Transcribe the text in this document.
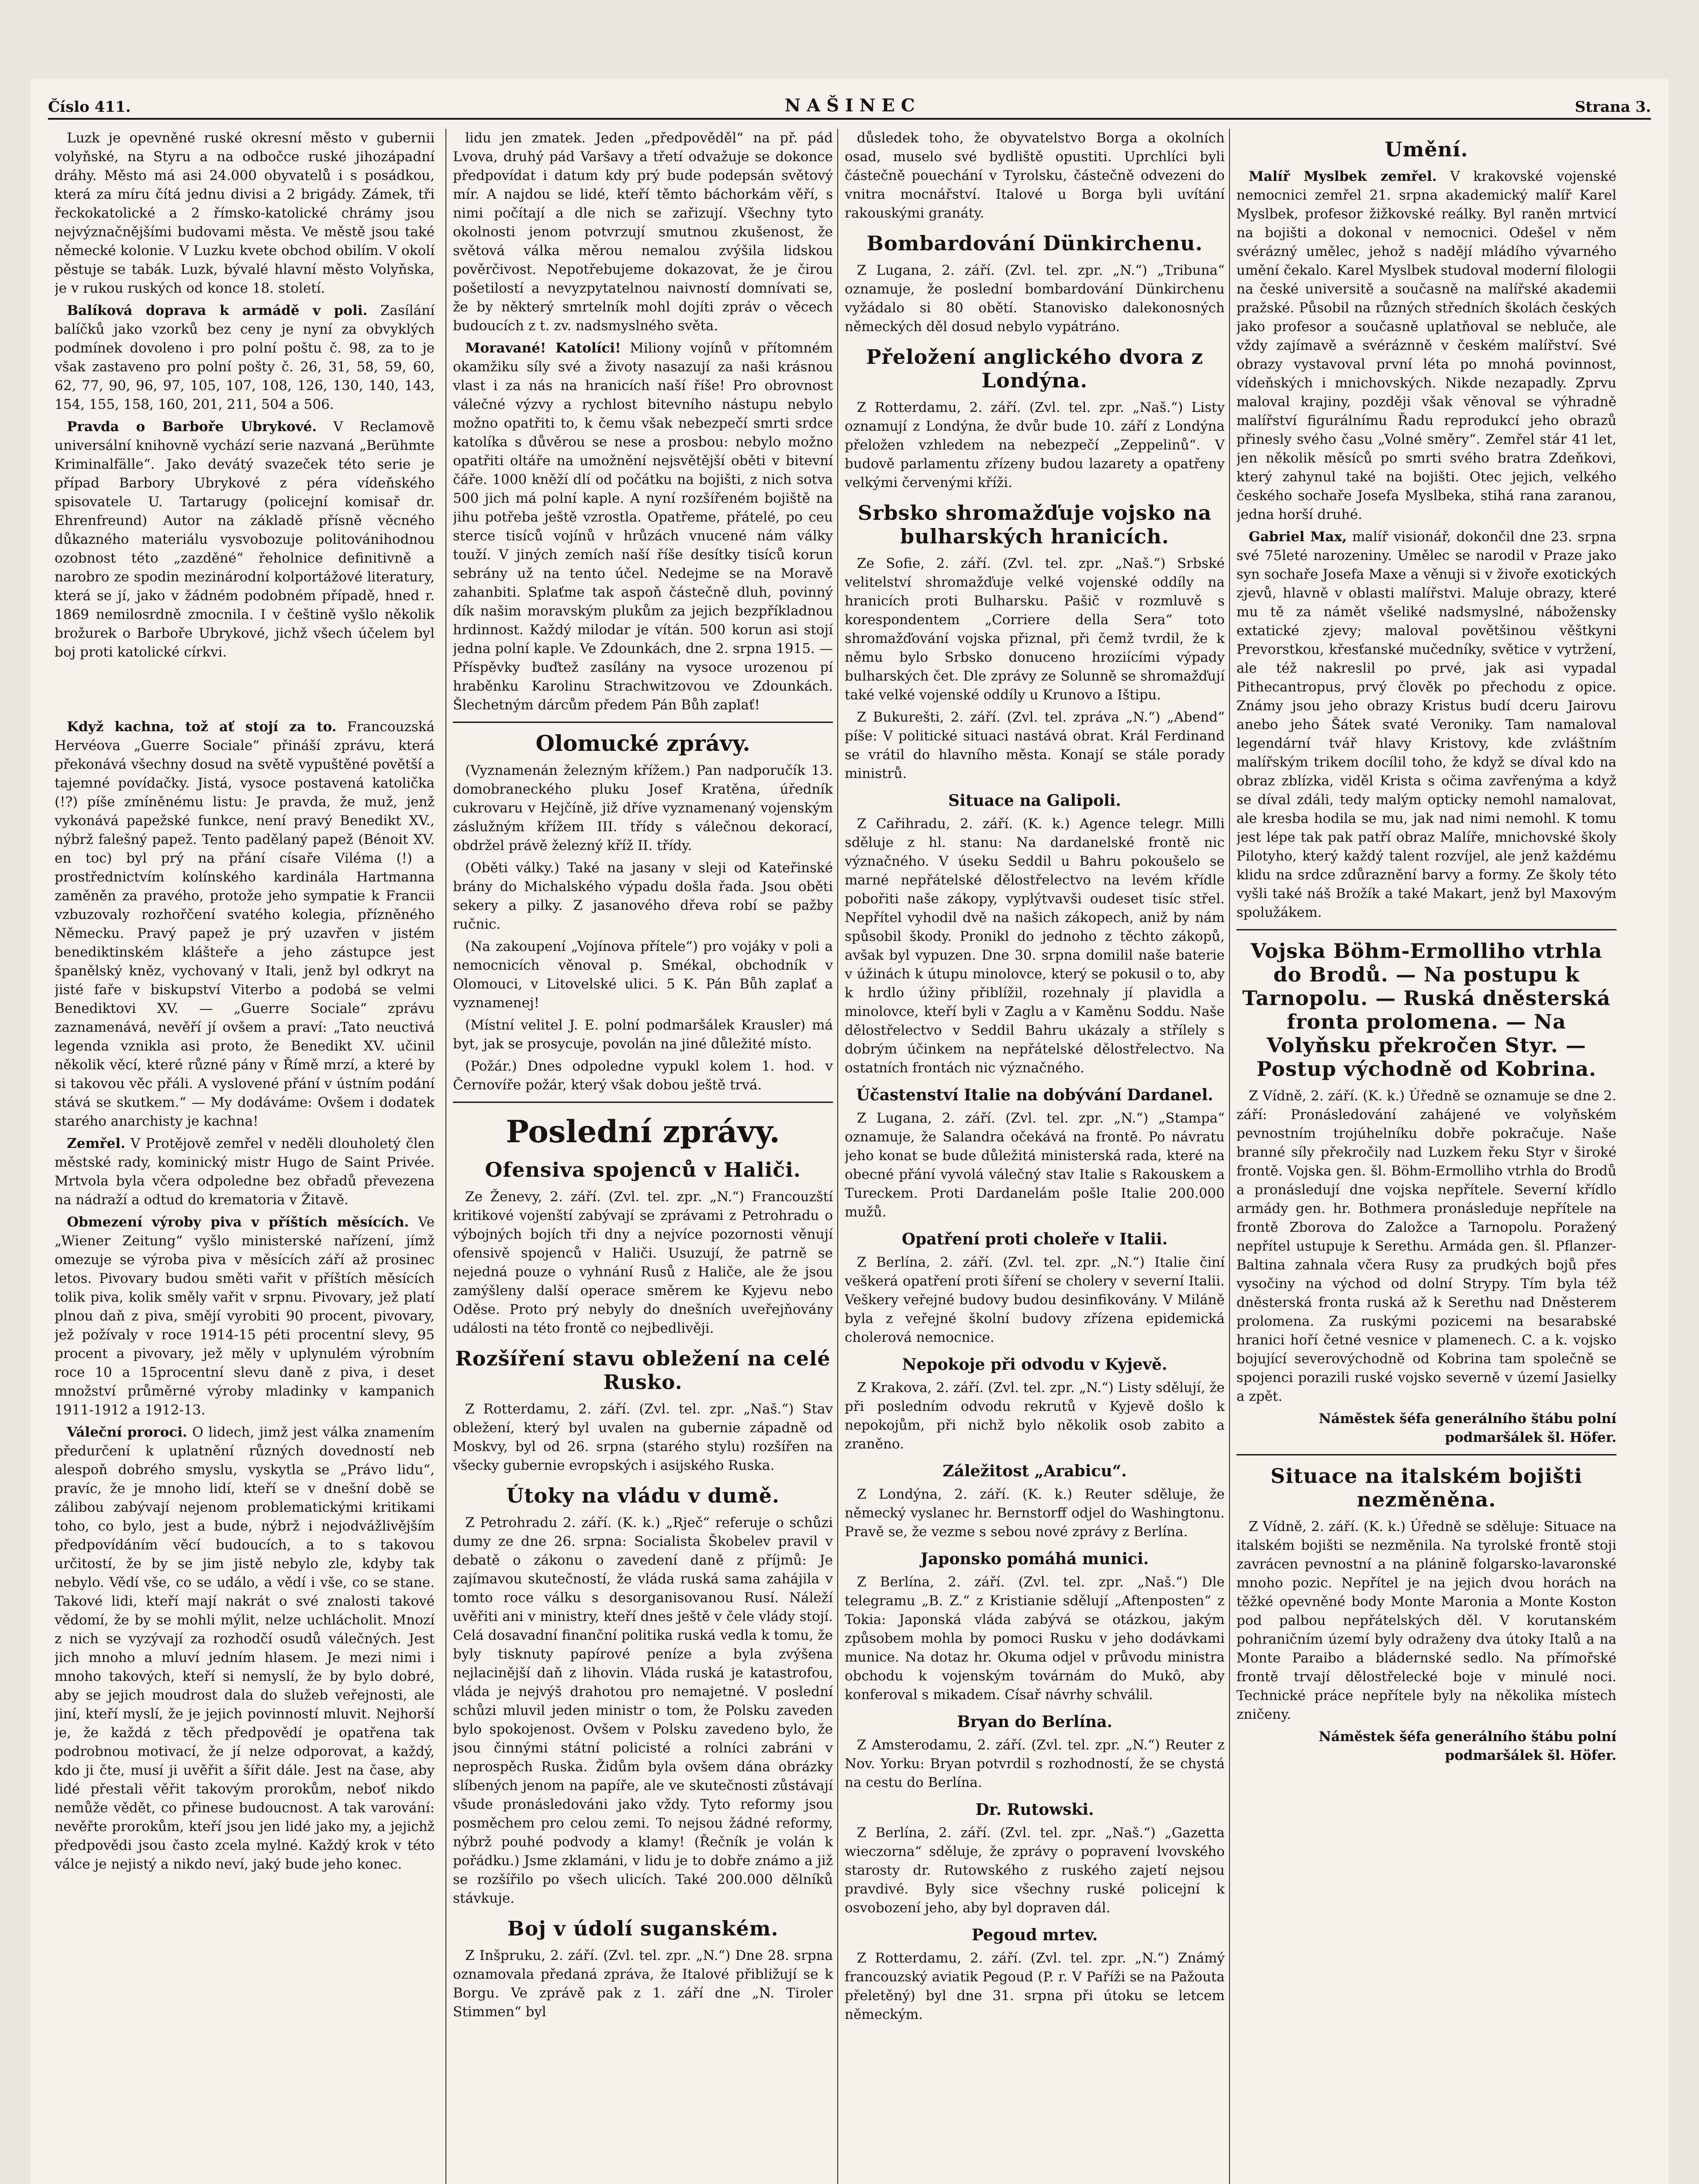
Číslo 411.	NAŠINEC	Strana 3.

Luzk je opevněné ruské okresní město v gubernii volyňské, na Styru a na odbočce ruské jihozápadní dráhy. Město má asi 24.000 obyvatelů i s posádkou, která za míru čítá jednu divisi a 2 brigády. Zámek, tři řeckokatolické a 2 římsko-katolické chrámy jsou nejvýznačnějšími budovami města. Ve městě jsou také německé kolonie. V Luzku kvete obchod obilím. V okolí pěstuje se tabák. Luzk, bývalé hlavní město Volyňska, je v rukou ruských od konce 18. století.

Balíková doprava k armádě v poli. Zasílání balíčků jako vzorků bez ceny je nyní za obvyklých podmínek dovoleno i pro polní poštu č. 98, za to je však zastaveno pro polní pošty č. 26, 31, 58, 59, 60, 62, 77, 90, 96, 97, 105, 107, 108, 126, 130, 140, 143, 154, 155, 158, 160, 201, 211, 504 a 506.

Pravda o Barboře Ubrykové. V Reclamově universální knihovně vychází serie nazvaná „Berühmte Kriminalfälle“. Jako devátý svazeček této serie je případ Barbory Ubrykové z péra vídeňského spisovatele U. Tartarugy (policejní komisař dr. Ehrenfreund) Autor na základě přísně věcného důkazného materiálu vysvobozuje politovánihodnou ozobnost této „zazděné“ řeholnice definitivně a narobro ze spodin mezinárodní kolportážové literatury, která se jí, jako v žádném podobném případě, hned r. 1869 nemilosrdně zmocnila. I v češtině vyšlo několik brožurek o Barboře Ubrykové, jichž všech účelem byl boj proti katolické církvi.

Když kachna, tož ať stojí za to. Francouzská Hervéova „Guerre Sociale“ přináší zprávu, která překonává všechny dosud na světě vypuštěné povětší a tajemné povídačky. Jistá, vysoce postavená katolička (!?) píše zmíněnému listu: Je pravda, že muž, jenž vykonává papežské funkce, není pravý Benedikt XV., nýbrž falešný papež. Tento padělaný papež (Bénoit XV. en toc) byl prý na přání císaře Viléma (!) a prostřednictvím kolínského kardinála Hartmanna zaměněn za pravého, protože jeho sympatie k Francii vzbuzovaly rozhořčení svatého kolegia, přízněného Německu. Pravý papež je prý uzavřen v jistém benediktinském klášteře a jeho zástupce jest španělský kněz, vychovaný v Itali, jenž byl odkryt na jisté faře v biskupství Viterbo a podobá se velmi Benediktovi XV. — „Guerre Sociale“ zprávu zaznamenává, nevěří jí ovšem a praví: „Tato neuctivá legenda vznikla asi proto, že Benedikt XV. učinil několik věcí, které různé pány v Římě mrzí, a které by si takovou věc přáli. A vyslovené přání v ústním podání stává se skutkem.“ — My dodáváme: Ovšem i dodatek starého anarchisty je kachna!

Zemřel. V Protějově zemřel v neděli dlouholetý člen městské rady, kominický mistr Hugo de Saint Privée. Mrtvola byla včera odpoledne bez obřadů převezena na nádraží a odtud do krematoria v Žitavě.

Obmezení výroby piva v příštích měsících. Ve „Wiener Zeitung“ vyšlo ministerské nařízení, jímž omezuje se výroba piva v měsících září až prosinec letos. Pivovary budou směti vařit v příštích měsících tolik piva, kolik směly vařit v srpnu. Pivovary, jež platí plnou daň z piva, smějí vyrobiti 90 procent, pivovary, jež požívaly v roce 1914-15 péti procentní slevy, 95 procent a pivovary, jež měly v uplynulém výrobním roce 10 a 15procentní slevu daně z piva, i deset množství průměrné výroby mladinky v kampanich 1911-1912 a 1912-13.

Váleční proroci. O lidech, jimž jest válka znamením předurčení k uplatnění různých dovedností neb alespoň dobrého smyslu, vyskytla se „Právo lidu“, pravíc, že je mnoho lidí, kteří se v dnešní době se zálibou zabývají nejenom problematickými kritikami toho, co bylo, jest a bude, nýbrž i nejodvážlivějším předpovídáním věcí budoucích, a to s takovou určitostí, že by se jim jistě nebylo zle, kdyby tak nebylo. Vědí vše, co se událo, a vědí i vše, co se stane. Takové lidi, kteří mají nakrát o své znalosti takové vědomí, že by se mohli mýlit, nelze uchlácholit. Mnozí z nich se vyzývají za rozhodčí osudů válečných. Jest jich mnoho a mluví jedním hlasem. Je mezi nimi i mnoho takových, kteří si nemyslí, že by bylo dobré, aby se jejich moudrost dala do služeb veřejnosti, ale jiní, kteří myslí, že je jejich povinností mluvit. Nejhorší je, že každá z těch předpovědí je opatřena tak podrobnou motivací, že jí nelze odporovat, a každý, kdo ji čte, musí ji uvěřit a šířit dále. Jest na čase, aby lidé přestali věřit takovým prorokům, neboť nikdo nemůže vědět, co přinese budoucnost. A tak varování: nevěřte prorokům, kteří jsou jen lidé jako my, a jejichž předpovědi jsou často zcela mylné. Každý krok v této válce je nejistý a nikdo neví, jaký bude jeho konec.

lidu jen zmatek. Jeden „předpověděl“ na př. pád Lvova, druhý pád Varšavy a třetí odvažuje se dokonce předpovídat i datum kdy prý bude podepsán světový mír. A najdou se lidé, kteří těmto báchorkám věří, s nimi počítají a dle nich se zařizují. Všechny tyto okolnosti jenom potvrzují smutnou zkušenost, že světová válka měrou nemalou zvýšila lidskou pověrčivost. Nepotřebujeme dokazovat, že je čirou pošetilostí a nevyzpytatelnou naivností domnívati se, že by některý smrtelník mohl dojíti zpráv o věcech budoucích z t. zv. nadsmyslného světa.

Moravané! Katolíci! Miliony vojínů v přítomném okamžiku síly své a životy nasazují za naši krásnou vlast i za nás na hranicích naší říše! Pro obrovnost válečné výzvy a rychlost bitevního nástupu nebylo možno opatřiti to, k čemu však nebezpečí smrti srdce katolíka s důvěrou se nese a prosbou: nebylo možno opatřiti oltáře na umožnění nejsvětější oběti v bitevní čáře. 1000 kněží dlí od počátku na bojišti, z nich sotva 500 jich má polní kaple. A nyní rozšířeném bojiště na jihu potřeba ještě vzrostla. Opatřeme, přátelé, po ceu sterce tisíců vojínů v hrůzách vnucené nám války touží. V jiných zemích naší říše desítky tisíců korun sebrány už na tento účel. Nedejme se na Moravě zahanbiti. Splaťme tak aspoň částečně dluh, povinný dík našim moravským plukům za jejich bezpříkladnou hrdinnost. Každý milodar je vítán. 500 korun asi stojí jedna polní kaple. Ve Zdounkách, dne 2. srpna 1915. — Příspěvky buďtež zasílány na vysoce urozenou pí hraběnku Karolinu Strachwitzovou ve Zdounkách. Šlechetným dárcům předem Pán Bůh zaplať!

Olomucké zprávy.

(Vyznamenán železným křížem.) Pan nadporučík 13. domobraneckého pluku Josef Kratěna, úředník cukrovaru v Hejčíně, již dříve vyznamenaný vojenským záslužným křížem III. třídy s válečnou dekorací, obdržel právě železný kříž II. třídy.

(Oběti války.) Také na jasany v sleji od Kateřinské brány do Michalského výpadu došla řada. Jsou oběti sekery a pilky. Z jasanového dřeva robí se pažby ručnic.

(Na zakoupení „Vojínova přítele“) pro vojáky v poli a nemocnicích věnoval p. Smékal, obchodník v Olomouci, v Litovelské ulici. 5 K. Pán Bůh zaplať a vyznamenej!

(Místní velitel J. E. polní podmaršálek Krausler) má byt, jak se prosycuje, povolán na jiné důležité místo.

(Požár.) Dnes odpoledne vypukl kolem 1. hod. v Černovíře požár, který však dobou ještě trvá.

Poslední zprávy.
Ofensiva spojenců v Haliči.

Ze Ženevy, 2. září. (Zvl. tel. zpr. „N.“) Francouzští kritikové vojenští zabývají se zprávami z Petrohradu o výbojných bojích tři dny a nejvíce pozornosti věnují ofensivě spojenců v Haliči. Usuzují, že patrně se nejedná pouze o vyhnání Rusů z Haliče, ale že jsou zamýšleny další operace směrem ke Kyjevu nebo Oděse. Proto prý nebyly do dnešních uveřejňovány události na této frontě co nejbedlivěji.

Rozšíření stavu obležení na celé Rusko.

Z Rotterdamu, 2. září. (Zvl. tel. zpr. „Naš.“) Stav obležení, který byl uvalen na gubernie západně od Moskvy, byl od 26. srpna (starého stylu) rozšířen na všecky gubernie evropských i asijského Ruska.

Útoky na vládu v dumě.

Z Petrohradu 2. září. (K. k.) „Rječ“ referuje o schůzi dumy ze dne 26. srpna: Socialista Škobelev pravil v debatě o zákonu o zavedení daně z příjmů: Je zajímavou skutečností, že vláda ruská sama zahájila v tomto roce válku s desorganisovanou Rusí. Náleží uvěřiti ani v ministry, kteří dnes ještě v čele vlády stojí. Celá dosavadní finanční politika ruská vedla k tomu, že byly tisknuty papírové peníze a byla zvýšena nejlacinější daň z lihovin. Vláda ruská je katastrofou, vláda je nejvýš drahotou pro nemajetné. V poslední schůzi mluvil jeden ministr o tom, že Polsku zaveden bylo spokojenost. Ovšem v Polsku zavedeno bylo, že jsou činnými státní policisté a rolníci zabráni v neprospěch Ruska. Židům byla ovšem dána obrázky slíbených jenom na papíře, ale ve skutečnosti zůstávají všude pronásledováni jako vždy. Tyto reformy jsou posměchem pro celou zemi. To nejsou žádné reformy, nýbrž pouhé podvody a klamy! (Řečník je volán k pořádku.) Jsme zklamáni, v lidu je to dobře známo a již se rozšířilo po všech ulicích. Také 200.000 dělníků stávkuje.

Boj v údolí suganském.

Z Inšpruku, 2. září. (Zvl. tel. zpr. „N.“) Dne 28. srpna oznamovala předaná zpráva, že Italové přibližují se k Borgu. Ve zprávě pak z 1. září dne „N. Tiroler Stimmen“ byl

důsledek toho, že obyvatelstvo Borga a okolních osad, muselo své bydliště opustiti. Uprchlíci byli částečně pouechání v Tyrolsku, částečně odvezeni do vnitra mocnářství. Italové u Borga byli uvítání rakouskými granáty.

Bombardování Dünkirchenu.

Z Lugana, 2. září. (Zvl. tel. zpr. „N.“) „Tribuna“ oznamuje, že poslední bombardování Dünkirchenu vyžádalo si 80 obětí. Stanovisko dalekonosných německých děl dosud nebylo vypátráno.

Přeložení anglického dvora z Londýna.

Z Rotterdamu, 2. září. (Zvl. tel. zpr. „Naš.“) Listy oznamují z Londýna, že dvůr bude 10. září z Londýna přeložen vzhledem na nebezpečí „Zeppelinů“. V budově parlamentu zřízeny budou lazarety a opatřeny velkými červenými kříži.

Srbsko shromažďuje vojsko na bulharských hranicích.

Ze Sofie, 2. září. (Zvl. tel. zpr. „Naš.“) Srbské velitelství shromažďuje velké vojenské oddíly na hranicích proti Bulharsku. Pašič v rozmluvě s korespondentem „Corriere della Sera“ toto shromažďování vojska přiznal, při čemž tvrdil, že k němu bylo Srbsko donuceno hroziícími výpady bulharských čet. Dle zprávy ze Solunně se shromažďují také velké vojenské oddíly u Krunovo a Ištipu.

Z Bukurešti, 2. září. (Zvl. tel. zpráva „N.“) „Abend“ píše: V politické situaci nastává obrat. Král Ferdinand se vrátil do hlavního města. Konají se stále porady ministrů.

Situace na Galipoli.

Z Cařihradu, 2. září. (K. k.) Agence telegr. Milli sděluje z hl. stanu: Na dardanelské frontě nic význačného. V úseku Seddil u Bahru pokoušelo se marné nepřátelské dělostřelectvo na levém křídle pobořiti naše zákopy, vyplýtvavši oudeset tisíc střel. Nepřítel vyhodil dvě na našich zákopech, aniž by nám spůsobil škody. Pronikl do jednoho z těchto zákopů, avšak byl vypuzen. Dne 30. srpna domilil naše baterie v úžinách k útupu minolovce, který se pokusil o to, aby k hrdlo úžiny přiblížil, rozehnaly jí plavidla a minolovce, kteří byli v Zaglu a v Kaměnu Soddu. Naše dělostřelectvo v Seddil Bahru ukázaly a střílely s dobrým účinkem na nepřátelské dělostřelectvo. Na ostatních frontách nic význačného.

Účastenství Italie na dobývání Dardanel.

Z Lugana, 2. září. (Zvl. tel. zpr. „N.“) „Stampa“ oznamuje, že Salandra očekává na frontě. Po návratu jeho konat se bude důležitá ministerská rada, které na obecné přání vyvolá válečný stav Italie s Rakouskem a Tureckem. Proti Dardanelám pošle Italie 200.000 mužů.

Opatření proti choleře v Italii.

Z Berlína, 2. září. (Zvl. tel. zpr. „N.“) Italie činí veškerá opatření proti šíření se cholery v severní Italii. Veškery veřejné budovy budou desinfikovány. V Miláně byla z veřejné školní budovy zřízena epidemická cholerová nemocnice.

Nepokoje při odvodu v Kyjevě.

Z Krakova, 2. září. (Zvl. tel. zpr. „N.“) Listy sdělují, že při posledním odvodu rekrutů v Kyjevě došlo k nepokojům, při nichž bylo několik osob zabito a zraněno.

Záležitost „Arabicu“.

Z Londýna, 2. září. (K. k.) Reuter sděluje, že německý vyslanec hr. Bernstorff odjel do Washingtonu. Pravě se, že vezme s sebou nové zprávy z Berlína.

Japonsko pomáhá munici.

Z Berlína, 2. září. (Zvl. tel. zpr. „Naš.“) Dle telegramu „B. Z.“ z Kristianie sdělují „Aftenposten“ z Tokia: Japonská vláda zabývá se otázkou, jakým způsobem mohla by pomoci Rusku v jeho dodávkami munice. Na dotaz hr. Okuma odjel v průvodu ministra obchodu k vojenským továrnám do Mukô, aby konferoval s mikadem. Císař návrhy schválil.

Bryan do Berlína.

Z Amsterodamu, 2. září. (Zvl. tel. zpr. „N.“) Reuter z Nov. Yorku: Bryan potvrdil s rozhodností, že se chystá na cestu do Berlína.

Dr. Rutowski.

Z Berlína, 2. září. (Zvl. tel. zpr. „Naš.“) „Gazetta wieczorna“ sděluje, že zprávy o popravení lvovského starosty dr. Rutowského z ruského zajetí nejsou pravdivé. Byly sice všechny ruské policejní k osvobození jeho, aby byl dopraven dál.

Pegoud mrtev.

Z Rotterdamu, 2. září. (Zvl. tel. zpr. „N.“) Známý francouzský aviatik Pegoud (P. r. V Paříži se na Pažouta přeletěný) byl dne 31. srpna při útoku se letcem německým.

Umění.

Malíř Myslbek zemřel. V krakovské vojenské nemocnici zemřel 21. srpna akademický malíř Karel Myslbek, profesor žižkovské reálky. Byl raněn mrtvicí na bojišti a dokonal v nemocnici. Odešel v něm svérázný umělec, jehož s nadějí mládího vývarného umění čekalo. Karel Myslbek studoval moderní filologii na české universitě a současně na malířské akademii pražské. Působil na různých středních školách českých jako profesor a současně uplatňoval se nebluče, ale vždy zajímavě a svéráznně v českém malířství. Své obrazy vystavoval první léta po mnohá povinnost, vídeňských i mnichovských. Nikde nezapadly. Zprvu maloval krajiny, později však věnoval se výhradně malířství figurálnímu Řadu reprodukcí jeho obrazů přinesly svého času „Volné směry“. Zemřel stár 41 let, jen několik měsíců po smrti svého bratra Zdeňkovi, který zahynul také na bojišti. Otec jejich, velkého českého sochaře Josefa Myslbeka, stihá rana zaranou, jedna horší druhé.

Gabriel Max, malíř visionář, dokončil dne 23. srpna své 75leté narozeniny. Umělec se narodil v Praze jako syn sochaře Josefa Maxe a věnuji si v živoře exotických zjevů, hlavně v oblasti malířstvi. Maluje obrazy, které mu tě za námět všeliké nadsmyslné, nábožensky extatické zjevy; maloval povětšinou věštkyni Prevorstkou, křesťanské mučedníky, světice v vytržení, ale též nakreslil po prvé, jak asi vypadal Pithecantropus, prvý člověk po přechodu z opice. Známy jsou jeho obrazy Kristus budí dceru Jairovu anebo jeho Šátek svaté Veroniky. Tam namaloval legendární tvář hlavy Kristovy, kde zvláštním malířským trikem docílil toho, že když se díval kdo na obraz zblízka, viděl Krista s očima zavřenýma a když se díval zdáli, tedy malým opticky nemohl namalovat, ale kresba hodila se mu, jak nad nimi nemohl. K tomu jest lépe tak pak patří obraz Malíře, mnichovské školy Pilotyho, který každý talent rozvíjel, ale jenž každému klidu na srdce zdůraznění barvy a formy. Ze školy této vyšli také náš Brožík a také Makart, jenž byl Maxovým spolužákem.

Vojska Böhm-Ermolliho vtrhla do Brodů. — Na postupu k Tarnopolu. — Ruská dněsterská fronta prolomena. — Na Volyňsku překročen Styr. — Postup východně od Kobrina.

Z Vídně, 2. září. (K. k.) Úředně se oznamuje se dne 2. září: Pronásledování zahájené ve volyňském pevnostním trojúhelníku dobře pokračuje. Naše branné síly překročily nad Luzkem řeku Styr v široké frontě. Vojska gen. šl. Böhm-Ermolliho vtrhla do Brodů a pronásledují dne vojska nepřítele. Severní křídlo armády gen. hr. Bothmera pronásleduje nepřítele na frontě Zborova do Založce a Tarnopolu. Poražený nepřítel ustupuje k Serethu. Armáda gen. šl. Pflanzer-Baltina zahnala včera Rusy za prudkých bojů přes vysočiny na východ od dolní Strypy. Tím byla též dněsterská fronta ruská až k Serethu nad Dněsterem prolomena. Za ruskými pozicemi na besarabské hranici hoří četné vesnice v plamenech. C. a k. vojsko bojující severovýchodně od Kobrina tam společně se spojenci porazili ruské vojsko severně v území Jasielky a zpět.

Náměstek šéfa generálního štábu polní podmaršálek šl. Höfer.
Situace na italském bojišti nezměněna.

Z Vídně, 2. září. (K. k.) Úředně se sděluje: Situace na italském bojišti se nezměnila. Na tyrolské frontě stoji zavrácen pevnostní a na plánině folgarsko-lavaronské mnoho pozic. Nepřítel je na jejich dvou horách na těžké opevněné body Monte Maronia a Monte Koston pod palbou nepřátelských děl. V korutanském pohraničním území byly odraženy dva útoky Italů a na Monte Paraibo a bládernské sedlo. Na přímořské frontě trvají dělostřelecké boje v minulé noci. Technické práce nepřítele byly na několika místech zničeny.

Náměstek šéfa generálního štábu polní podmaršálek šl. Höfer.
